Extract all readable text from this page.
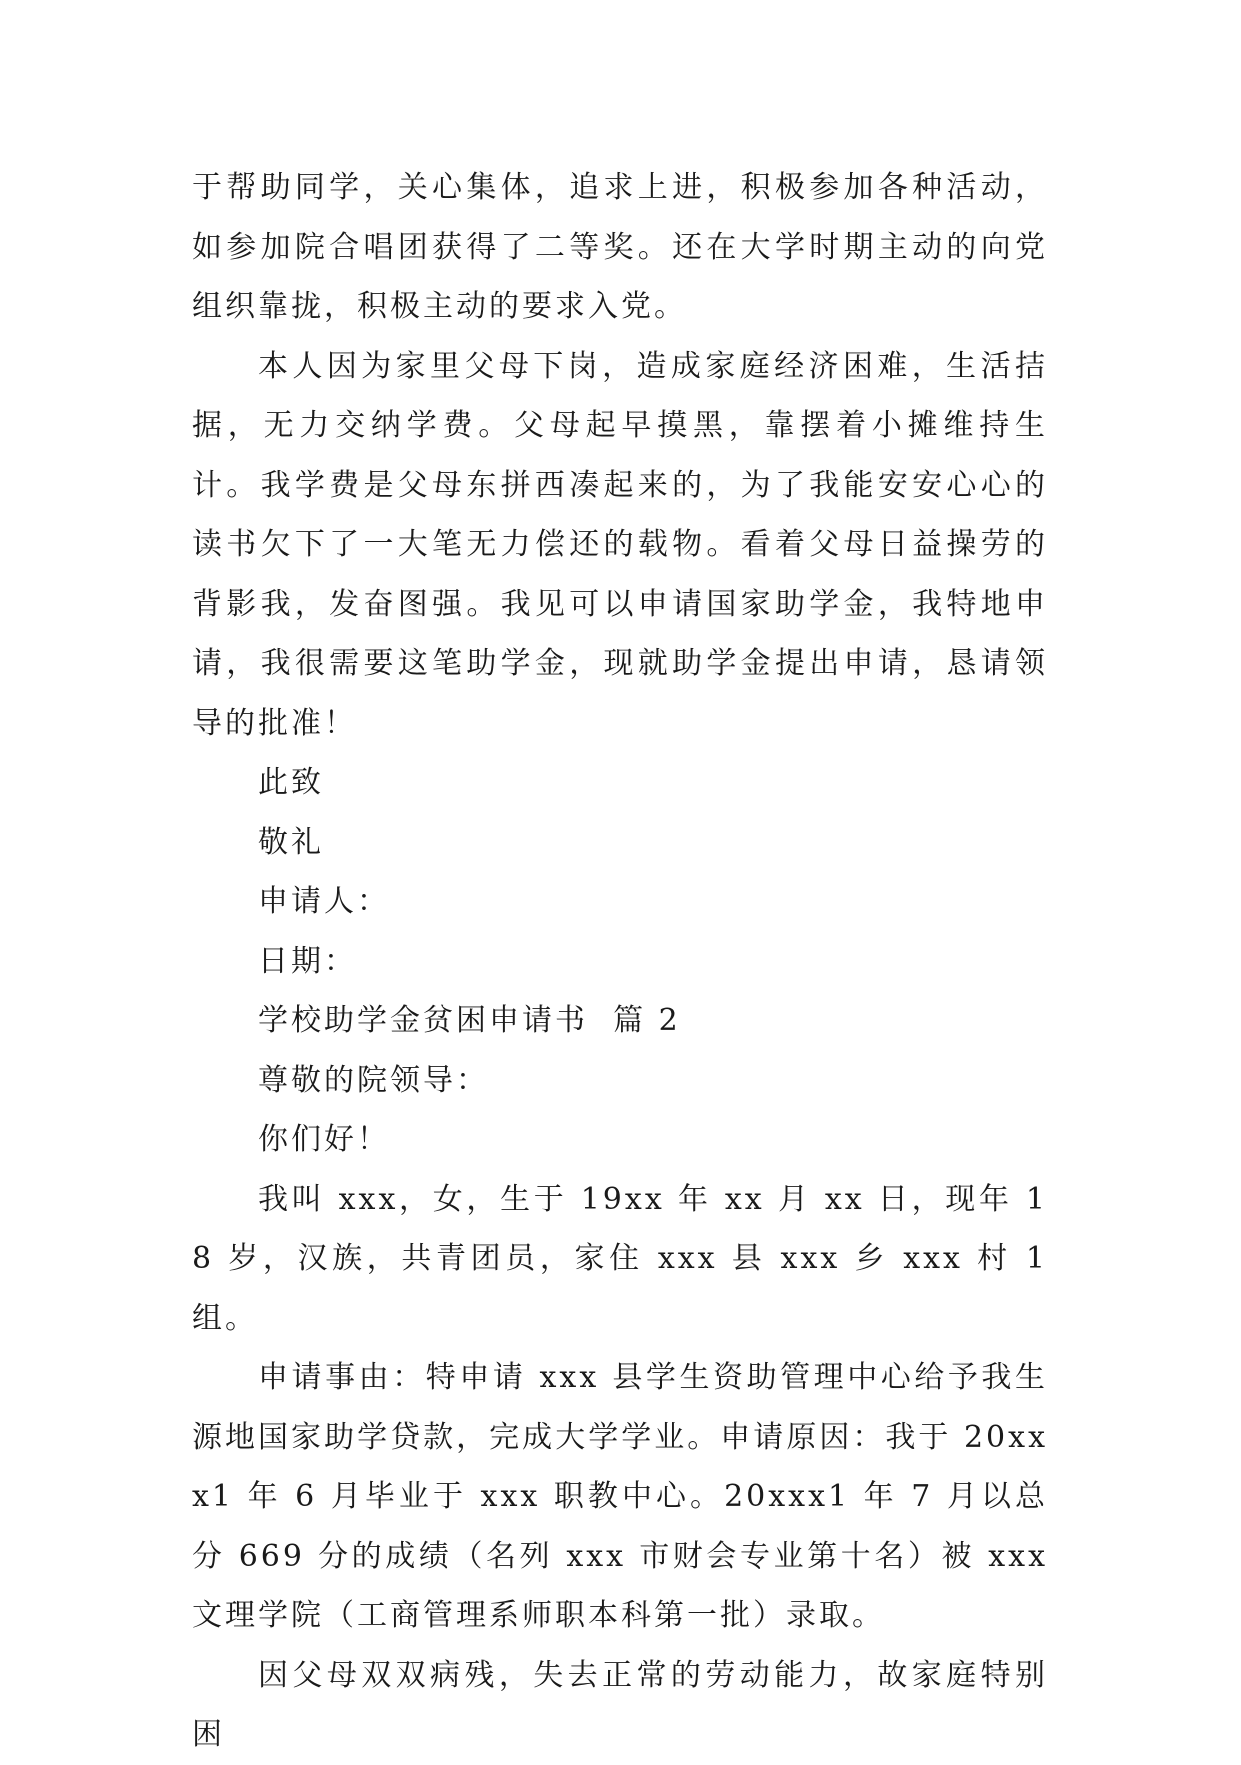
于帮助同学，关心集体，追求上进，积极参加各种活动，如参加院合唱团获得了二等奖。还在大学时期主动的向党组织靠拢，积极主动的要求入党。

本人因为家里父母下岗，造成家庭经济困难，生活拮据，无力交纳学费。父母起早摸黑，靠摆着小摊维持生计。我学费是父母东拼西凑起来的，为了我能安安心心的读书欠下了一大笔无力偿还的载物。看着父母日益操劳的背影我，发奋图强。我见可以申请国家助学金，我特地申请，我很需要这笔助学金，现就助学金提出申请，恳请领导的批准！

此致

敬礼

申请人：

日期：

学校助学金贫困申请书  篇 2

尊敬的院领导：

你们好！

我叫 xxx，女，生于 19xx 年 xx 月 xx 日，现年 18 岁，汉族，共青团员，家住 xxx 县 xxx 乡 xxx 村 1 组。

申请事由：特申请 xxx 县学生资助管理中心给予我生源地国家助学贷款，完成大学学业。申请原因：我于 20xxx1 年 6 月毕业于 xxx 职教中心。20xxx1 年 7 月以总分 669 分的成绩（名列 xxx 市财会专业第十名）被 xxx 文理学院（工商管理系师职本科第一批）录取。

因父母双双病残，失去正常的劳动能力，故家庭特别困
